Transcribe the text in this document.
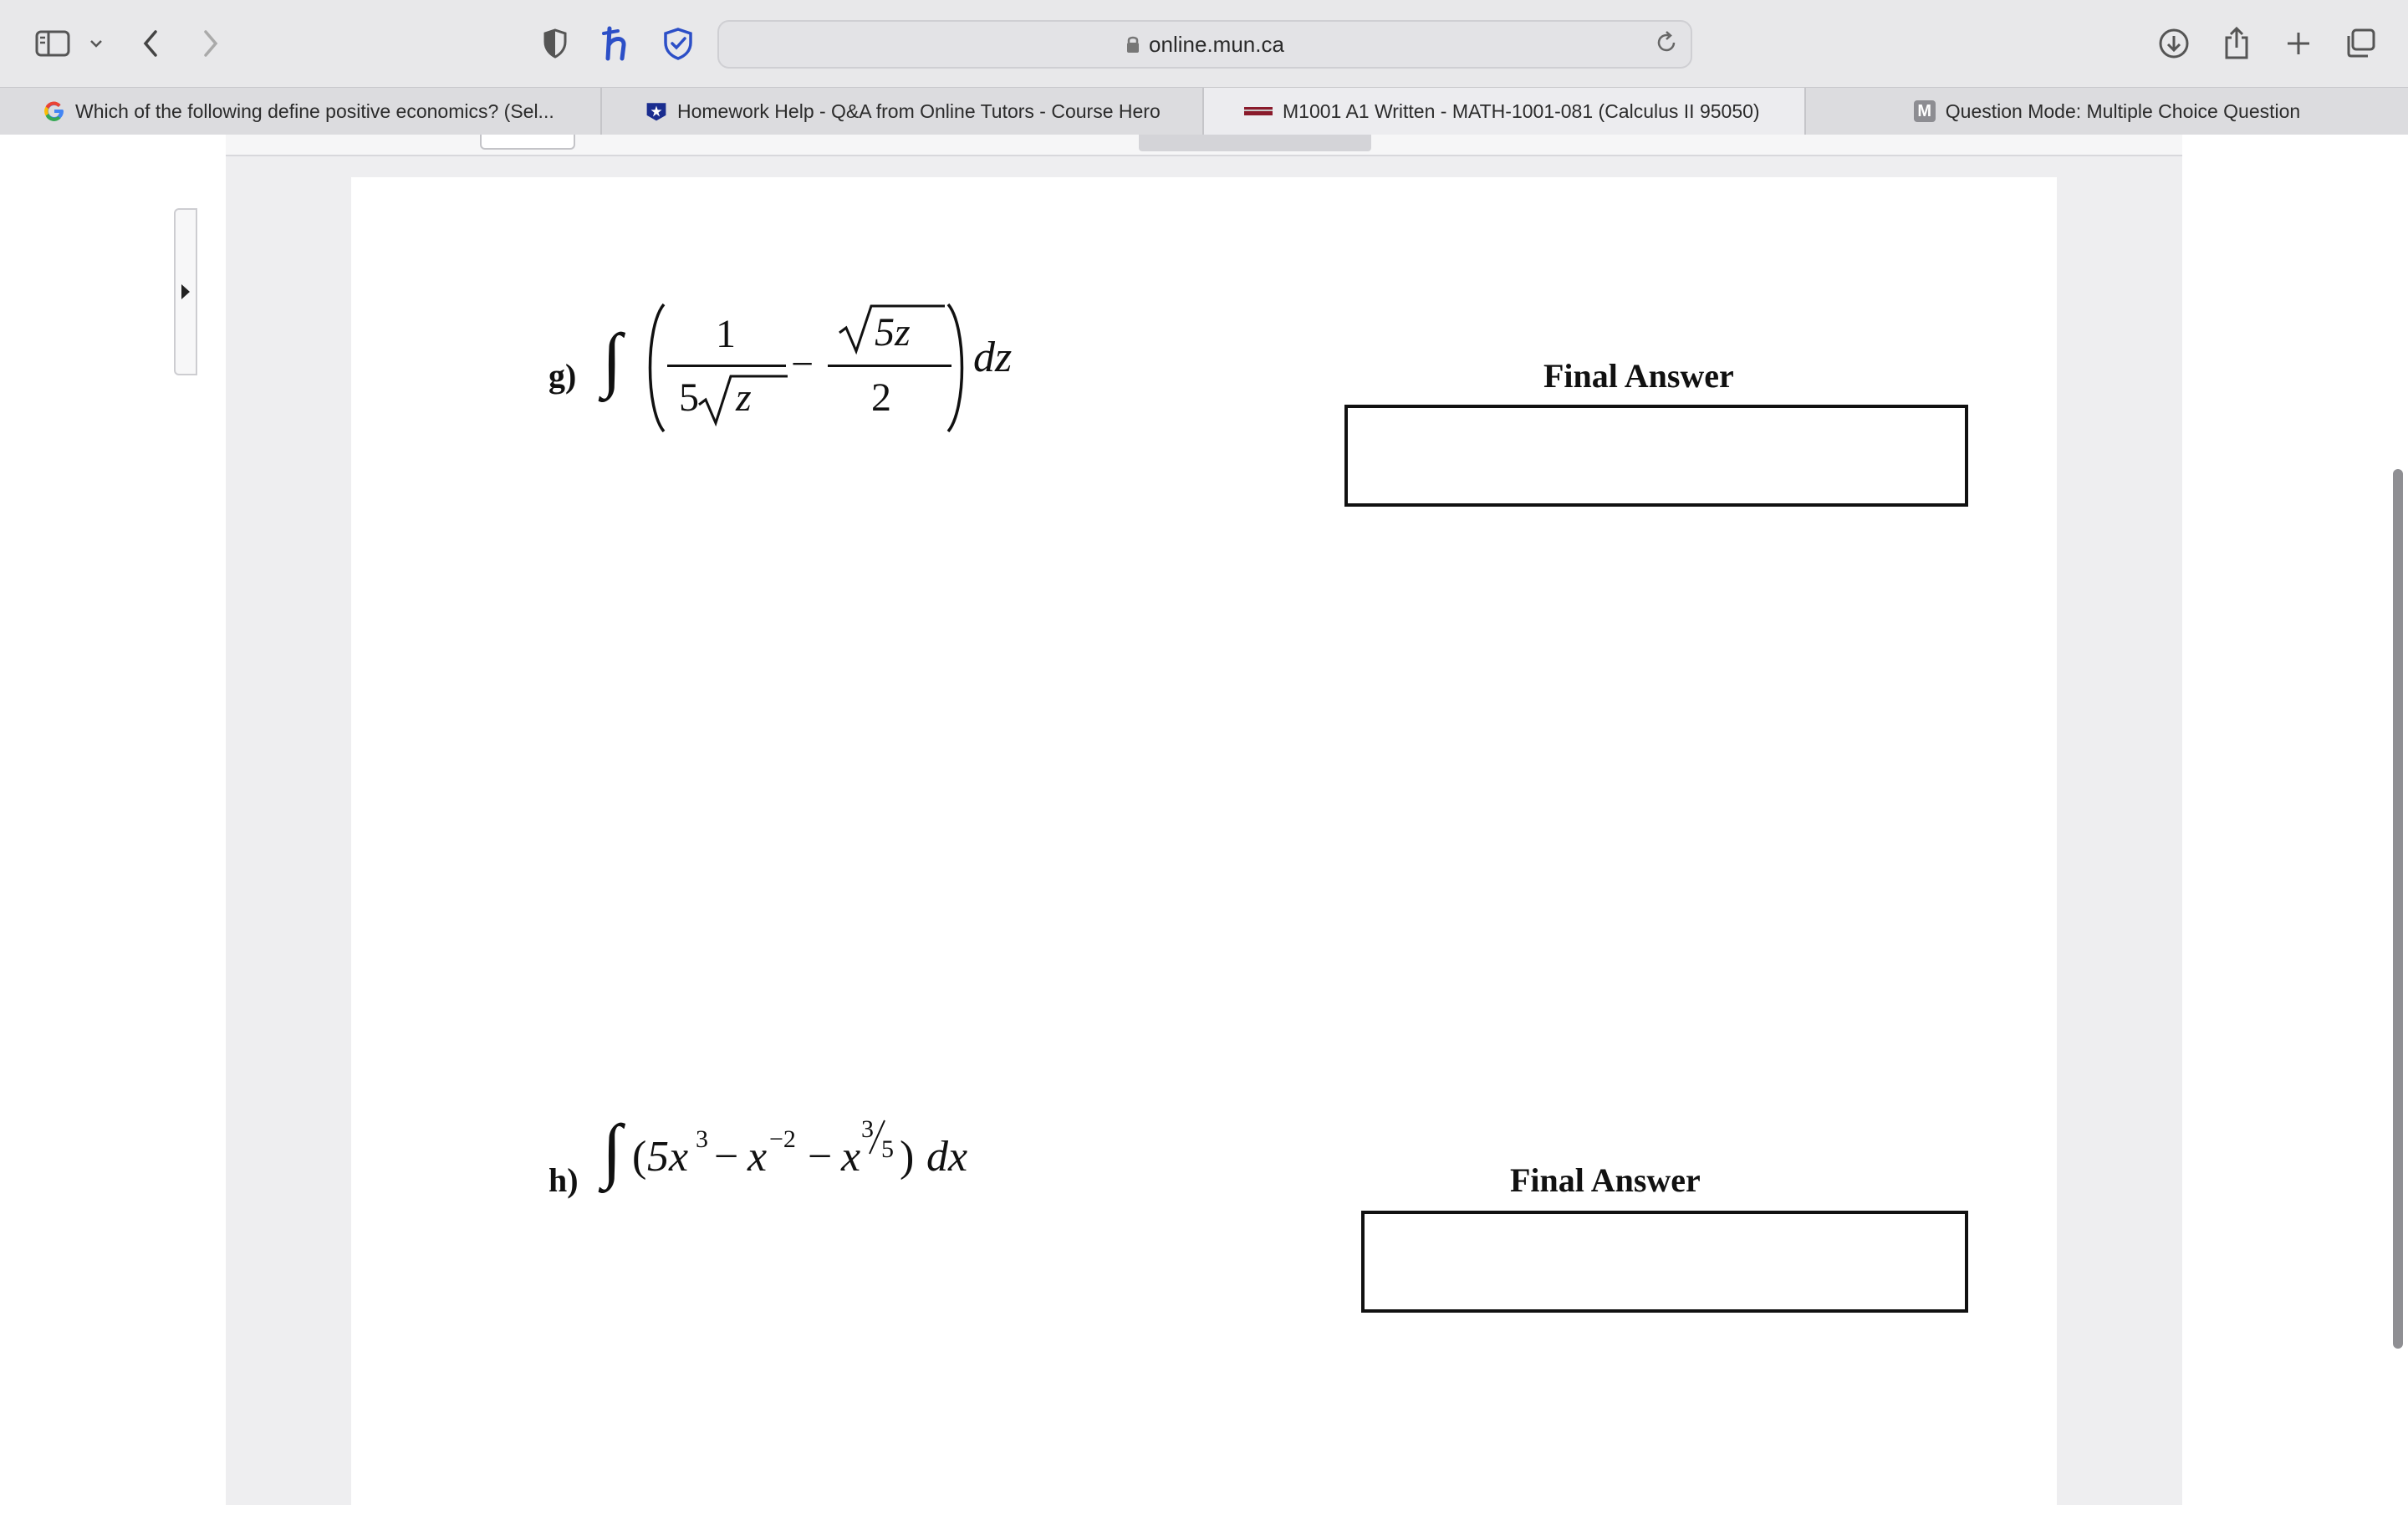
online.mun.ca
Which of the following define positive economics? (Sel...	Homework Help - Q&A from Online Tutors - Course Hero	M1001 A1 Written - MATH-1001-081 (Calculus II 95050)	M Question Mode: Multiple Choice Question
g) ∫ 1
5 z
−
5z
2
dz	Final Answer
h) ∫ ( 5x 3 − x −2 − x
3
5 ) dx	Final Answer
